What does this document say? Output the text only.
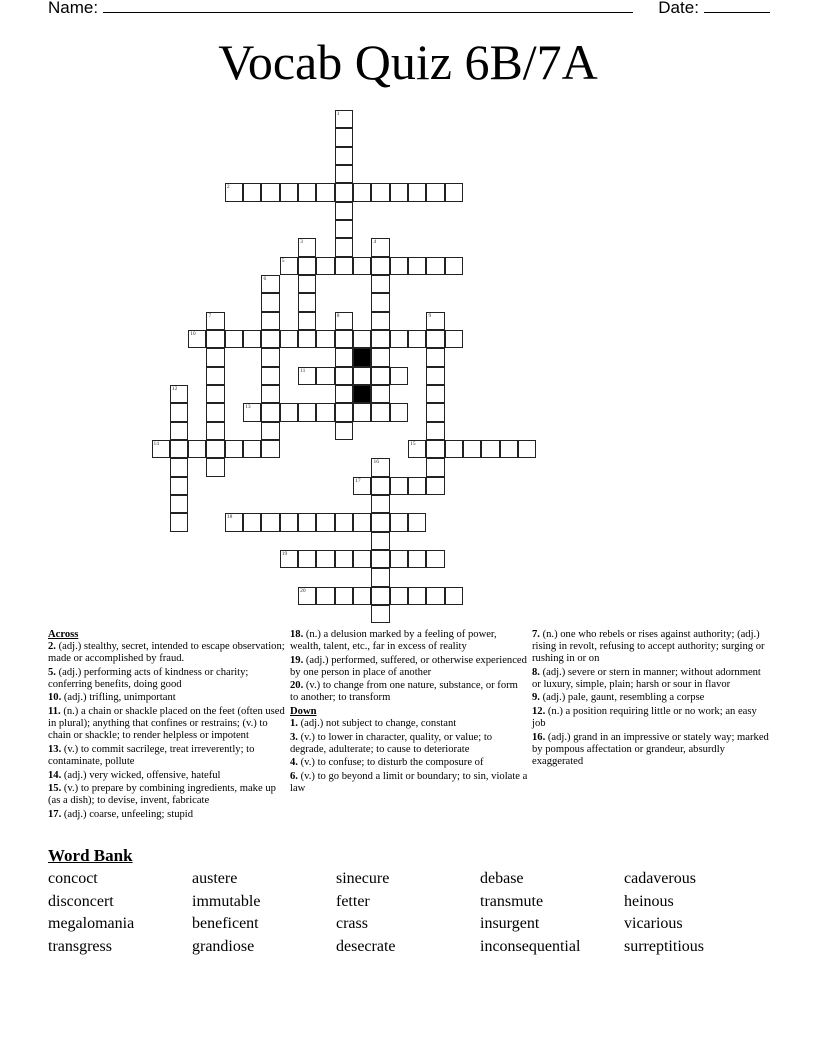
Name:	Date:
Vocab Quiz 6B/7A
1
2
3	4
5
6
7	8	9
10
11
12
13
14	15
16
17
18
19
20
Across
2. (adj.) stealthy, secret, intended to escape observation; made or accomplished by fraud.
5. (adj.) performing acts of kindness or charity; conferring benefits, doing good
10. (adj.) trifling, unimportant
11. (n.) a chain or shackle placed on the feet (often used in plural); anything that confines or restrains; (v.) to chain or shackle; to render helpless or impotent
13. (v.) to commit sacrilege, treat irreverently; to contaminate, pollute
14. (adj.) very wicked, offensive, hateful
15. (v.) to prepare by combining ingredients, make up (as a dish); to devise, invent, fabricate
17. (adj.) coarse, unfeeling; stupid
18. (n.) a delusion marked by a feeling of power, wealth, talent, etc., far in excess of reality
19. (adj.) performed, suffered, or otherwise experienced by one person in place of another
20. (v.) to change from one nature, substance, or form to another; to transform
Down
1. (adj.) not subject to change, constant
3. (v.) to lower in character, quality, or value; to degrade, adulterate; to cause to deteriorate
4. (v.) to confuse; to disturb the composure of
6. (v.) to go beyond a limit or boundary; to sin, violate a law
7. (n.) one who rebels or rises against authority; (adj.) rising in revolt, refusing to accept authority; surging or rushing in or on
8. (adj.) severe or stern in manner; without adornment or luxury, simple, plain; harsh or sour in flavor
9. (adj.) pale, gaunt, resembling a corpse
12. (n.) a position requiring little or no work; an easy job
16. (adj.) grand in an impressive or stately way; marked by pompous affectation or grandeur, absurdly exaggerated
Word Bank
concoct
disconcert
megalomania
transgress
austere
immutable
beneficent
grandiose
sinecure
fetter
crass
desecrate
debase
transmute
insurgent
inconsequential
cadaverous
heinous
vicarious
surreptitious
